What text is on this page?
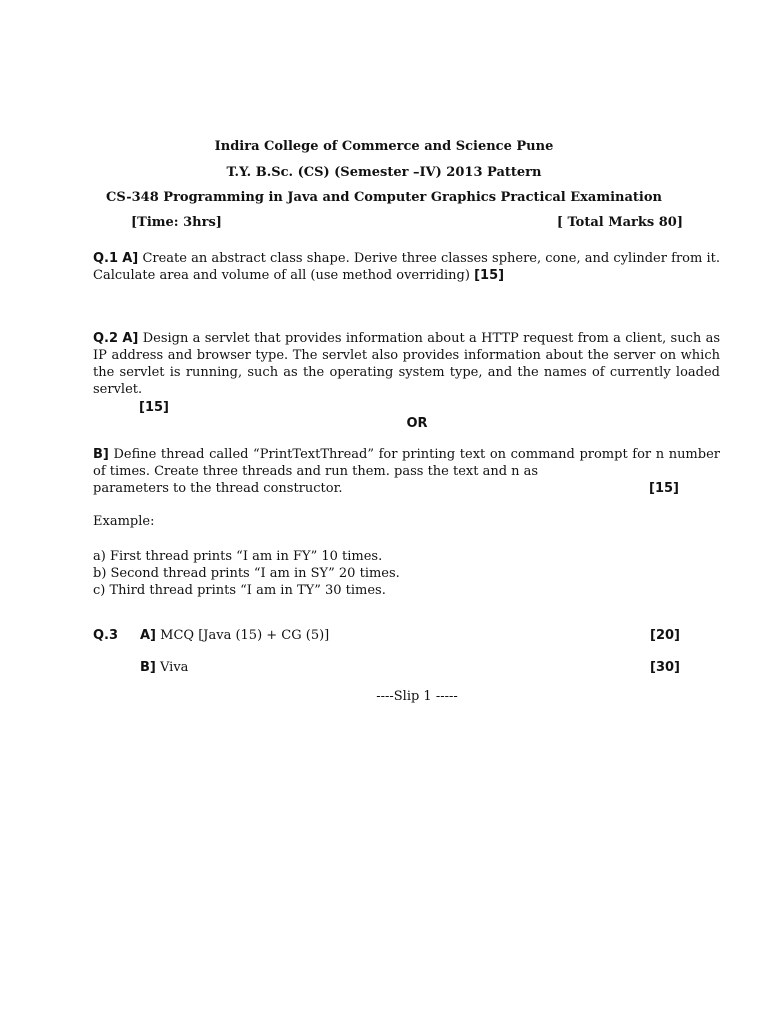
Indira College of Commerce and Science Pune
T.Y. B.Sc. (CS) (Semester –IV) 2013 Pattern
CS-348 Programming in Java and Computer Graphics Practical Examination
[Time: 3hrs]	[ Total Marks 80]
Q.1 A] Create an abstract class shape. Derive three classes sphere, cone, and cylinder from it. Calculate area and volume of all (use method overriding) [15]
Q.2 A] Design a servlet that provides information about a HTTP request from a client, such as IP address and browser type. The servlet also provides information about the server on which the servlet is running, such as the operating system type, and the names of currently loaded servlet.
[15]
OR
B] Define thread called “PrintTextThread” for printing text on command prompt for n number of times. Create three threads and run them. pass the text and n as
parameters to the thread constructor.	[15]
Example:
a) First thread prints “I am in FY” 10 times.
b) Second thread prints “I am in SY” 20 times.
c) Third thread prints “I am in TY” 30 times.
Q.3 A] MCQ [Java (15) + CG (5)]	[20]
B] Viva	[30]
----Slip 1 -----
